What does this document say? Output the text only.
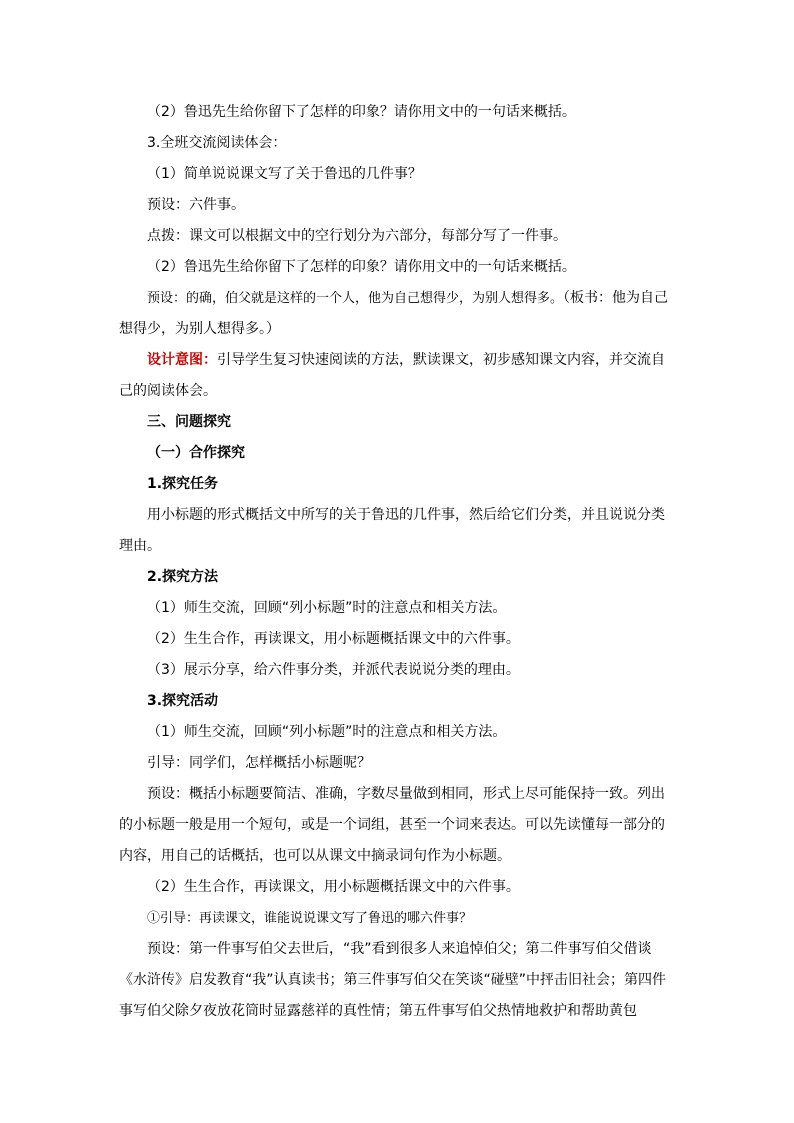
（2）鲁迅先生给你留下了怎样的印象？请你用文中的一句话来概括。

3.全班交流阅读体会：

（1）简单说说课文写了关于鲁迅的几件事？

预设：六件事。

点拨：课文可以根据文中的空行划分为六部分，每部分写了一件事。

（2）鲁迅先生给你留下了怎样的印象？请你用文中的一句话来概括。

预设：的确，伯父就是这样的一个人，他为自己想得少，为别人想得多。（板书：他为自己想得少，为别人想得多。）

设计意图：引导学生复习快速阅读的方法，默读课文，初步感知课文内容，并交流自己的阅读体会。

三、问题探究

（一）合作探究

1.探究任务

用小标题的形式概括文中所写的关于鲁迅的几件事，然后给它们分类，并且说说分类理由。

2.探究方法

（1）师生交流，回顾“列小标题”时的注意点和相关方法。

（2）生生合作，再读课文，用小标题概括课文中的六件事。

（3）展示分享，给六件事分类，并派代表说说分类的理由。

3.探究活动

（1）师生交流，回顾“列小标题”时的注意点和相关方法。

引导：同学们，怎样概括小标题呢？

预设：概括小标题要简洁、准确，字数尽量做到相同，形式上尽可能保持一致。列出的小标题一般是用一个短句，或是一个词组，甚至一个词来表达。可以先读懂每一部分的内容，用自己的话概括，也可以从课文中摘录词句作为小标题。

（2）生生合作，再读课文，用小标题概括课文中的六件事。

①引导：再读课文，谁能说说课文写了鲁迅的哪六件事？

预设：第一件事写伯父去世后，“我”看到很多人来追悼伯父；第二件事写伯父借谈《水浒传》启发教育“我”认真读书；第三件事写伯父在笑谈“碰壁”中抨击旧社会；第四件事写伯父除夕夜放花筒时显露慈祥的真性情；第五件事写伯父热情地救护和帮助黄包
